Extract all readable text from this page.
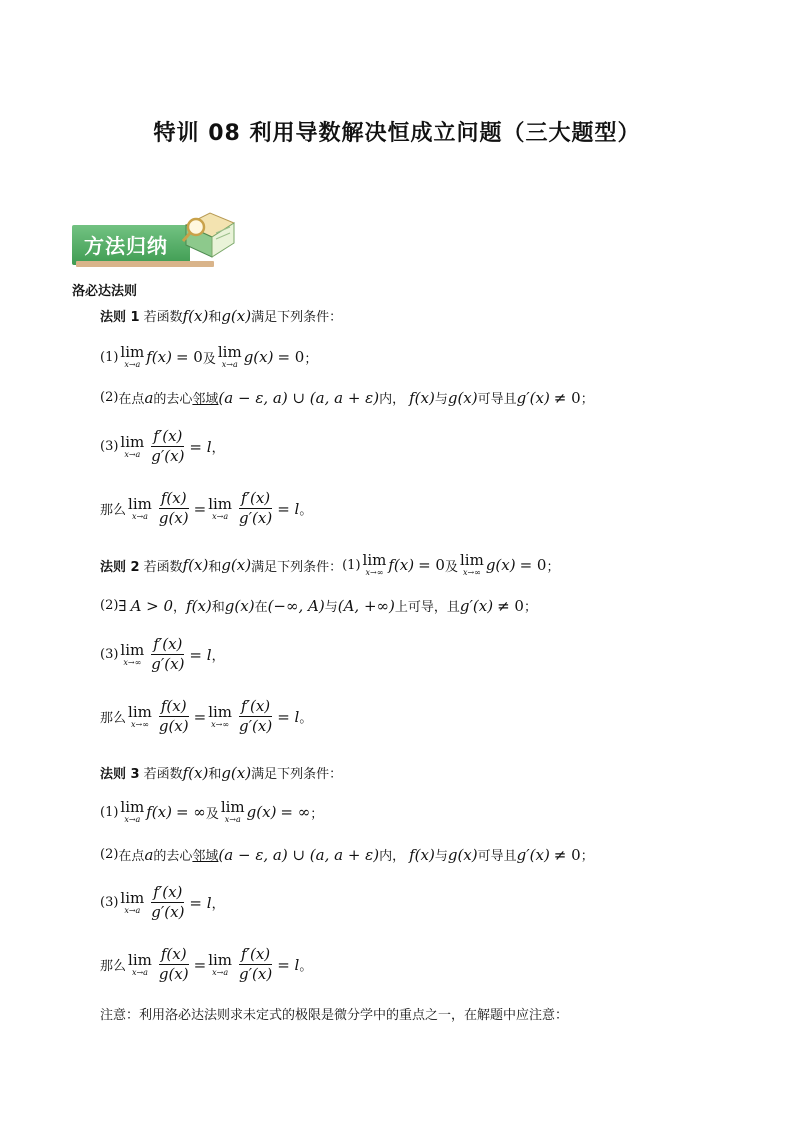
特训 08 利用导数解决恒成立问题（三大题型）
方法归纳
洛必达法则
法则 1 若函数 f(x) 和 g(x) 满足下列条件：
(1) lim
x→a f(x) = 0 及 lim
x→a g(x) = 0 ；
(2) 在点 a 的去心 邻域 (a − ε, a) ∪ (a, a + ε) 内， f(x) 与 g(x) 可导且 g′(x) ≠ 0 ；
(3) lim
$x\to a \frac{f'(x)}{g'(x)} = l$ ，
那么 lim
$x\to a \frac{f(x)}{g(x)} = \lim$
$x\to a \frac{f'(x)}{g'(x)} = l$ 。
法则 2 若函数 f(x) 和 g(x) 满足下列条件： (1) lim
x→∞ f(x) = 0 及 lim
x→∞ g(x) = 0 ；
(2) ∃ A > 0 ， f(x) 和 g(x) 在 (−∞, A) 与 (A, +∞) 上可导，且 g′(x) ≠ 0 ；
(3) lim
$x\to\infty \frac{f'(x)}{g'(x)} = l$ ，
那么 lim
$x\to\infty \frac{f(x)}{g(x)} = \lim$
$x\to\infty \frac{f'(x)}{g'(x)} = l$ 。
法则 3 若函数 f(x) 和 g(x) 满足下列条件：
(1) lim
x→a f(x) = ∞ 及 lim
x→a g(x) = ∞ ；
(2) 在点 a 的去心 邻域 (a − ε, a) ∪ (a, a + ε) 内， f(x) 与 g(x) 可导且 g′(x) ≠ 0 ；
(3) lim
$x\to a \frac{f'(x)}{g'(x)} = l$ ，
那么 lim
$x\to a \frac{f(x)}{g(x)} = \lim$
$x\to a \frac{f'(x)}{g'(x)} = l$ 。
注意：利用洛必达法则求未定式的极限是微分学中的重点之一，在解题中应注意：
